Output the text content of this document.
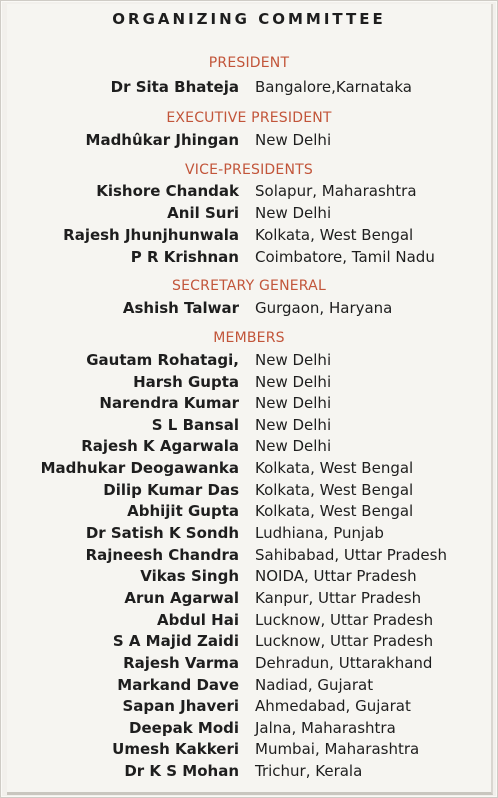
ORGANIZING COMMITTEE
PRESIDENT
Dr Sita Bhateja Bangalore,Karnataka
EXECUTIVE PRESIDENT
Madhûkar Jhingan New Delhi
VICE-PRESIDENTS
Kishore Chandak Solapur, Maharashtra
Anil Suri New Delhi
Rajesh Jhunjhunwala Kolkata, West Bengal
P R Krishnan Coimbatore, Tamil Nadu
SECRETARY GENERAL
Ashish Talwar Gurgaon, Haryana
MEMBERS
Gautam Rohatagi, New Delhi
Harsh Gupta New Delhi
Narendra Kumar New Delhi
S L Bansal New Delhi
Rajesh K Agarwala New Delhi
Madhukar Deogawanka Kolkata, West Bengal
Dilip Kumar Das Kolkata, West Bengal
Abhijit Gupta Kolkata, West Bengal
Dr Satish K Sondh Ludhiana, Punjab
Rajneesh Chandra Sahibabad, Uttar Pradesh
Vikas Singh NOIDA, Uttar Pradesh
Arun Agarwal Kanpur, Uttar Pradesh
Abdul Hai Lucknow, Uttar Pradesh
S A Majid Zaidi Lucknow, Uttar Pradesh
Rajesh Varma Dehradun, Uttarakhand
Markand Dave Nadiad, Gujarat
Sapan Jhaveri Ahmedabad, Gujarat
Deepak Modi Jalna, Maharashtra
Umesh Kakkeri Mumbai, Maharashtra
Dr K S Mohan Trichur, Kerala
